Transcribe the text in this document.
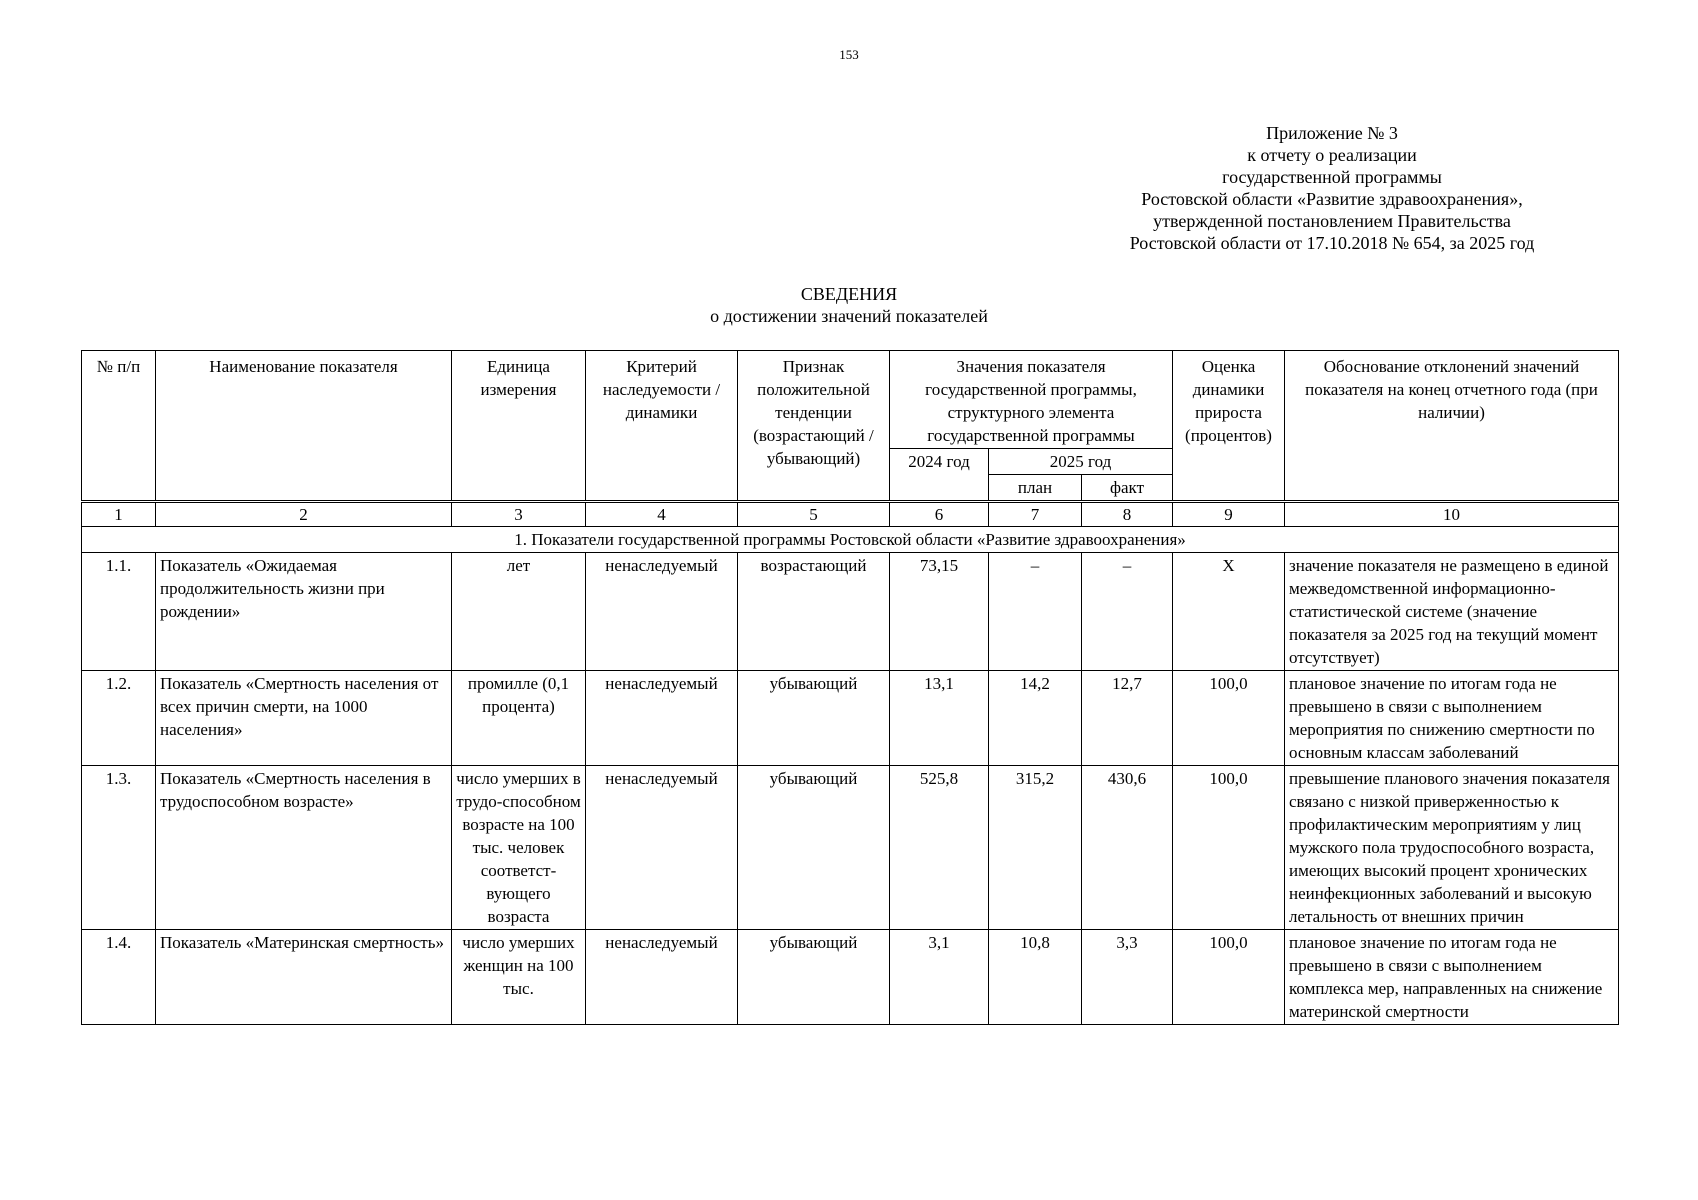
153
Приложение № 3
к отчету о реализации
государственной программы
Ростовской области «Развитие здравоохранения»,
утвержденной постановлением Правительства
Ростовской области от 17.10.2018 № 654, за 2025 год
СВЕДЕНИЯ
о достижении значений показателей
№ п/п	Наименование показателя	Единица измерения	Критерий наследуемости / динамики	Признак положительной тенденции (возрастающий / убывающий)	Значения показателя государственной программы, структурного элемента государственной программы			Оценка динамики прироста (процентов)	Обоснование отклонений значений показателя на конец отчетного года (при наличии)
					2024 год	2025 год			
						план	факт		
1	2	3	4	5	6	7	8	9	10
1. Показатели государственной программы Ростовской области «Развитие здравоохранения»									
1.1.	Показатель «Ожидаемая продолжительность жизни при рождении»	лет	ненаследуемый	возрастающий	73,15	–	–	Х	значение показателя не размещено в единой межведомственной информационно-статистической системе (значение показателя за 2025 год на текущий момент отсутствует)
1.2.	Показатель «Смертность населения от всех причин смерти, на 1000 населения»	промилле (0,1 процента)	ненаследуемый	убывающий	13,1	14,2	12,7	100,0	плановое значение по итогам года не превышено в связи с выполнением мероприятия по снижению смертности по основным классам заболеваний
1.3.	Показатель «Смертность населения в трудоспособном возрасте»	число умерших в трудо-способном возрасте на 100 тыс. человек соответст-вующего возраста	ненаследуемый	убывающий	525,8	315,2	430,6	100,0	превышение планового значения показателя связано с низкой приверженностью к профилактическим мероприятиям у лиц мужского пола трудоспособного возраста, имеющих высокий процент хронических неинфекционных заболеваний и высокую летальность от внешних причин
1.4.	Показатель «Материнская смертность»	число умерших женщин на 100 тыс.	ненаследуемый	убывающий	3,1	10,8	3,3	100,0	плановое значение по итогам года не превышено в связи с выполнением комплекса мер, направленных на снижение материнской смертности
